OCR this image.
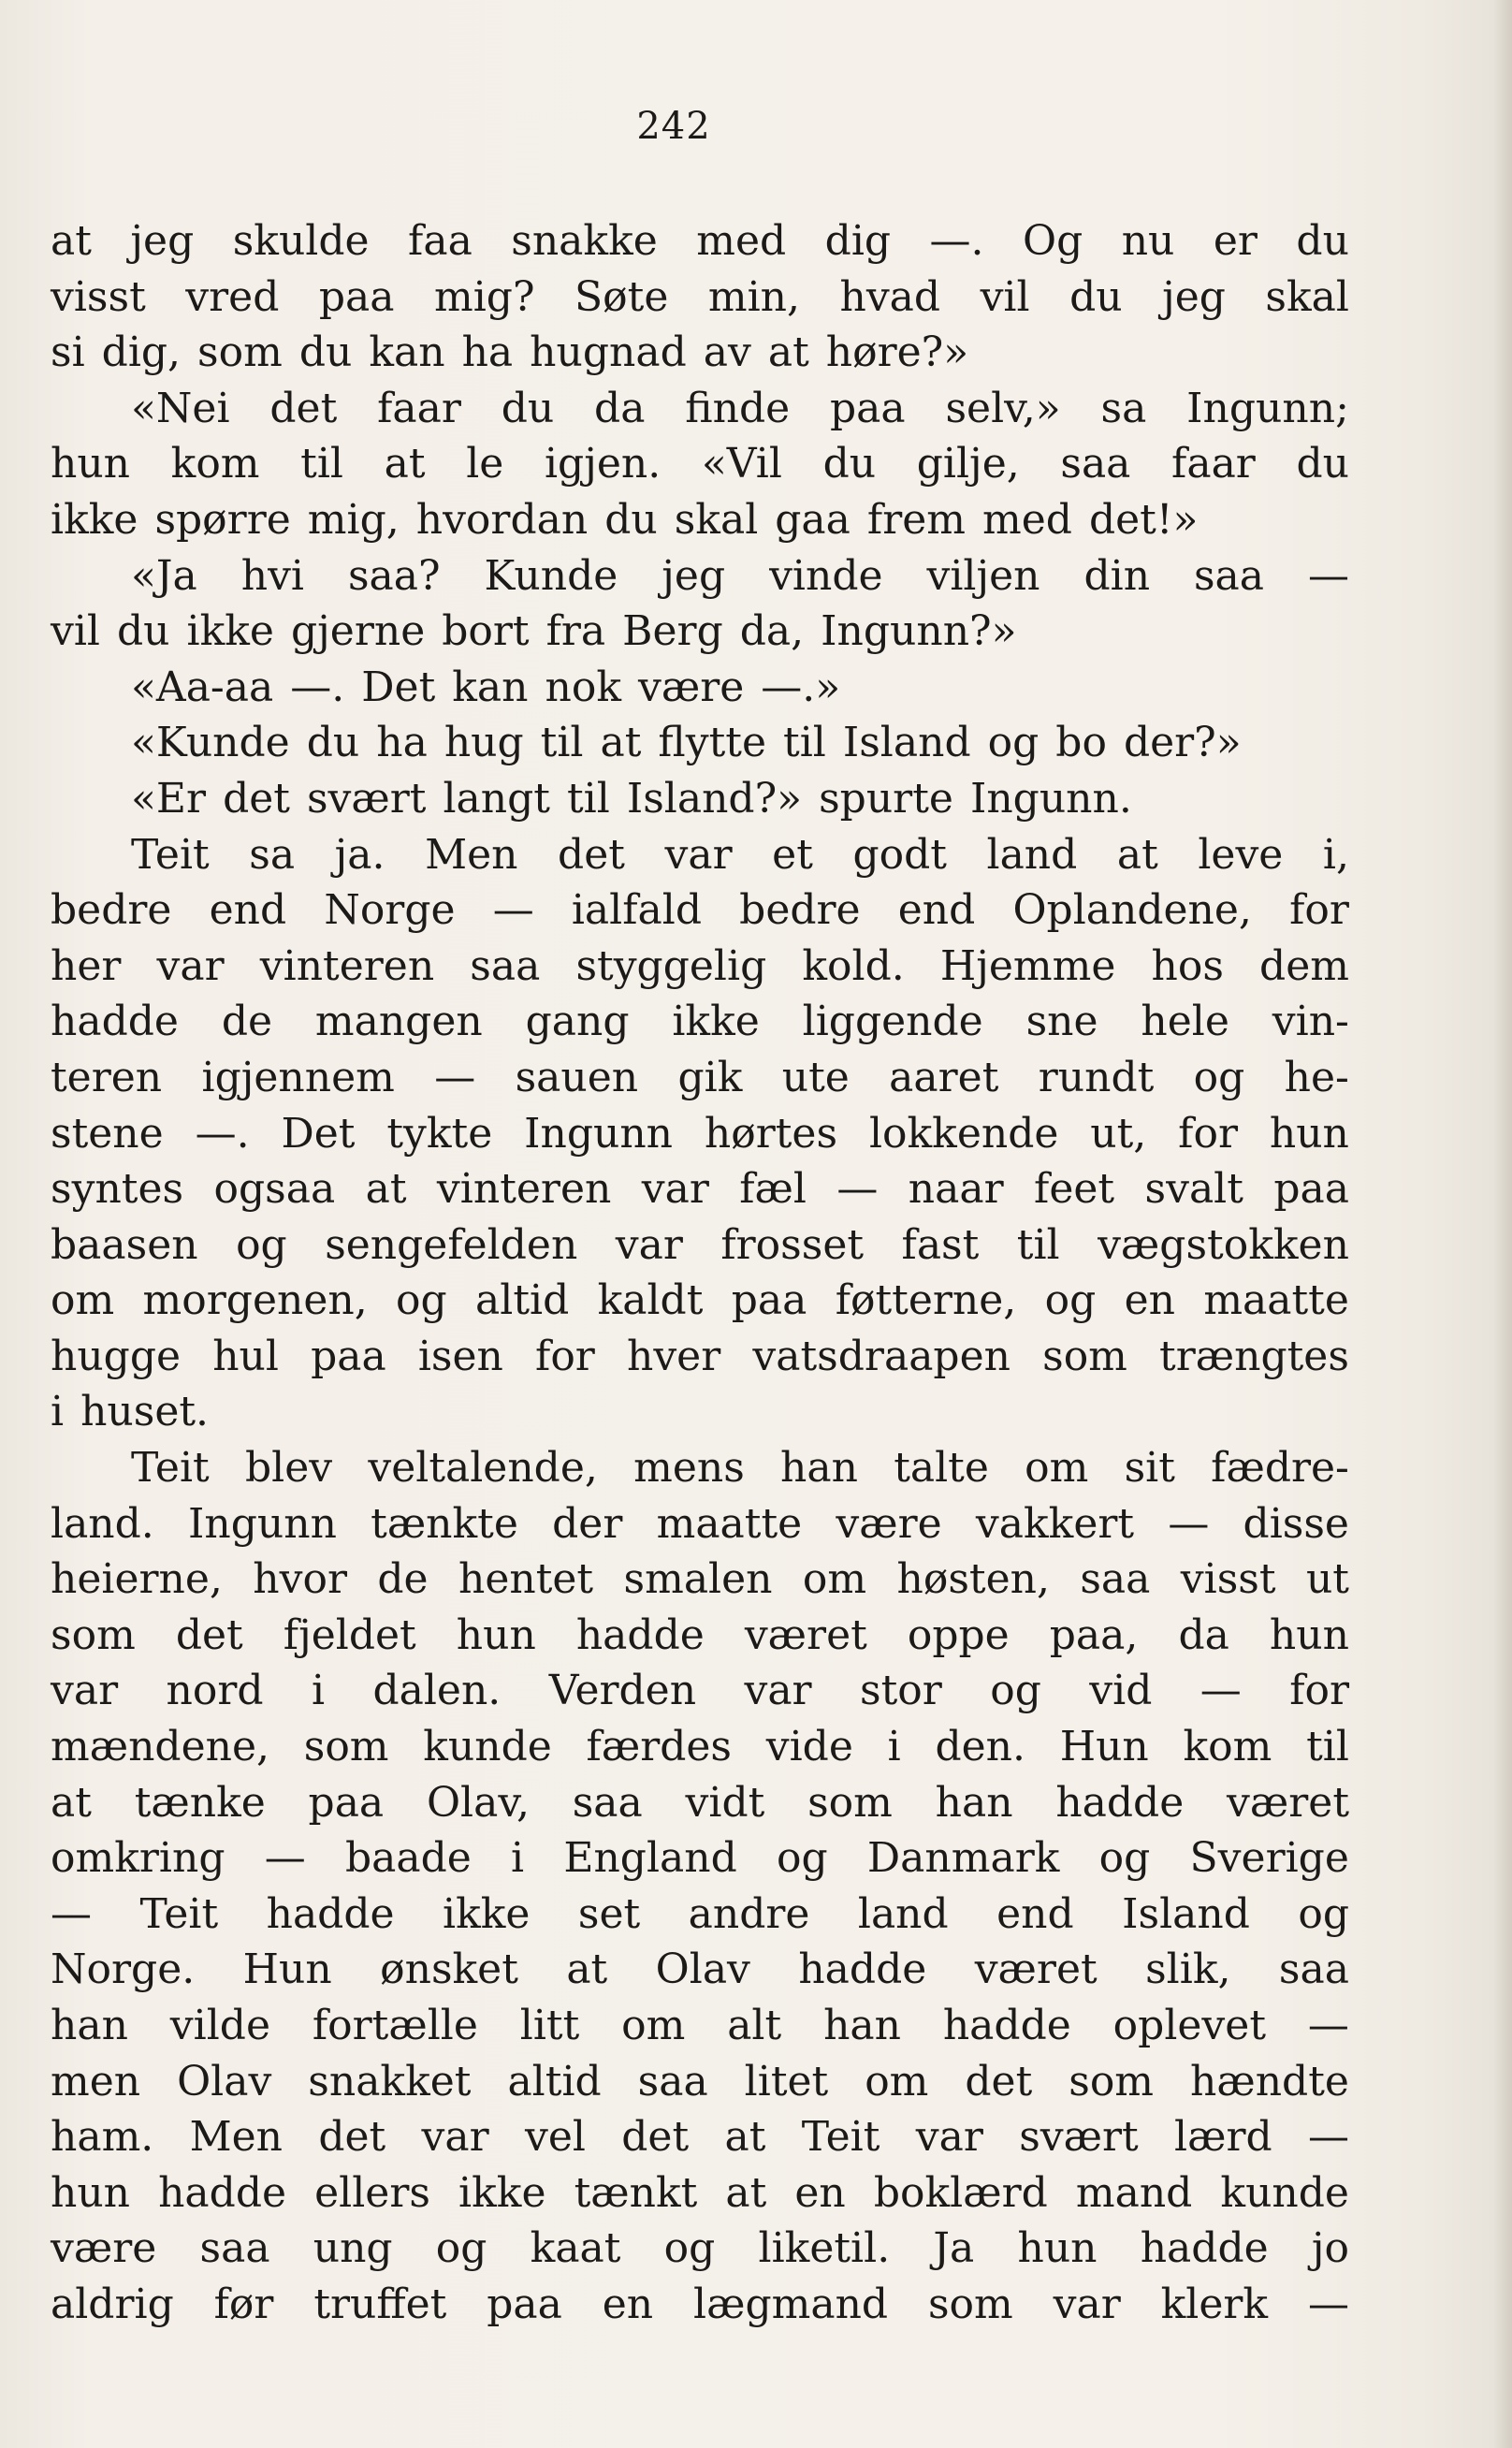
242
at jeg skulde faa snakke med dig —. Og nu er du
visst vred paa mig? Søte min, hvad vil du jeg skal
si dig, som du kan ha hugnad av at høre?»
«Nei det faar du da finde paa selv,» sa Ingunn;
hun kom til at le igjen. «Vil du gilje, saa faar du
ikke spørre mig, hvordan du skal gaa frem med det!»
«Ja hvi saa? Kunde jeg vinde viljen din saa —
vil du ikke gjerne bort fra Berg da, Ingunn?»
«Aa-aa —. Det kan nok være —.»
«Kunde du ha hug til at flytte til Island og bo der?»
«Er det svært langt til Island?» spurte Ingunn.
Teit sa ja. Men det var et godt land at leve i,
bedre end Norge — ialfald bedre end Oplandene, for
her var vinteren saa styggelig kold. Hjemme hos dem
hadde de mangen gang ikke liggende sne hele vin-
teren igjennem — sauen gik ute aaret rundt og he-
stene —. Det tykte Ingunn hørtes lokkende ut, for hun
syntes ogsaa at vinteren var fæl — naar feet svalt paa
baasen og sengefelden var frosset fast til vægstokken
om morgenen, og altid kaldt paa føtterne, og en maatte
hugge hul paa isen for hver vatsdraapen som trængtes
i huset.
Teit blev veltalende, mens han talte om sit fædre-
land. Ingunn tænkte der maatte være vakkert — disse
heierne, hvor de hentet smalen om høsten, saa visst ut
som det fjeldet hun hadde været oppe paa, da hun
var nord i dalen. Verden var stor og vid — for
mændene, som kunde færdes vide i den. Hun kom til
at tænke paa Olav, saa vidt som han hadde været
omkring — baade i England og Danmark og Sverige
— Teit hadde ikke set andre land end Island og
Norge. Hun ønsket at Olav hadde været slik, saa
han vilde fortælle litt om alt han hadde oplevet —
men Olav snakket altid saa litet om det som hændte
ham. Men det var vel det at Teit var svært lærd —
hun hadde ellers ikke tænkt at en boklærd mand kunde
være saa ung og kaat og liketil. Ja hun hadde jo
aldrig før truffet paa en lægmand som var klerk —
